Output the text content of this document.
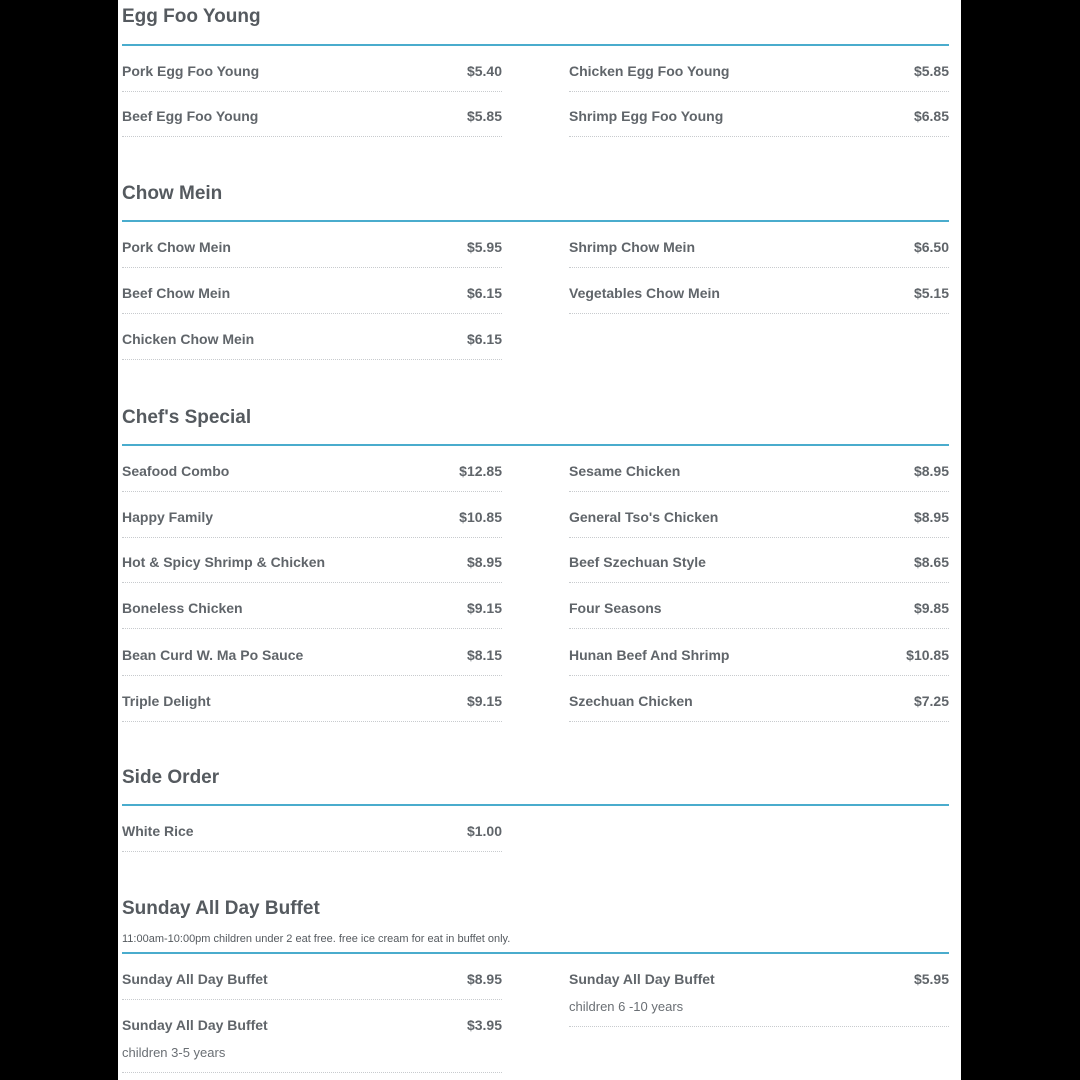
Egg Foo Young
Pork Egg Foo Young	$5.40	Chicken Egg Foo Young	$5.85
Beef Egg Foo Young	$5.85	Shrimp Egg Foo Young	$6.85
Chow Mein
Pork Chow Mein	$5.95	Shrimp Chow Mein	$6.50
Beef Chow Mein	$6.15	Vegetables Chow Mein	$5.15
Chicken Chow Mein	$6.15
Chef's Special
Seafood Combo	$12.85	Sesame Chicken	$8.95
Happy Family	$10.85	General Tso's Chicken	$8.95
Hot & Spicy Shrimp & Chicken	$8.95	Beef Szechuan Style	$8.65
Boneless Chicken	$9.15	Four Seasons	$9.85
Bean Curd W. Ma Po Sauce	$8.15	Hunan Beef And Shrimp	$10.85
Triple Delight	$9.15	Szechuan Chicken	$7.25
Side Order
White Rice	$1.00
Sunday All Day Buffet
11:00am-10:00pm children under 2 eat free. free ice cream for eat in buffet only.
Sunday All Day Buffet	$8.95	Sunday All Day Buffet	$5.95
children 6 -10 years
Sunday All Day Buffet	$3.95
children 3-5 years
